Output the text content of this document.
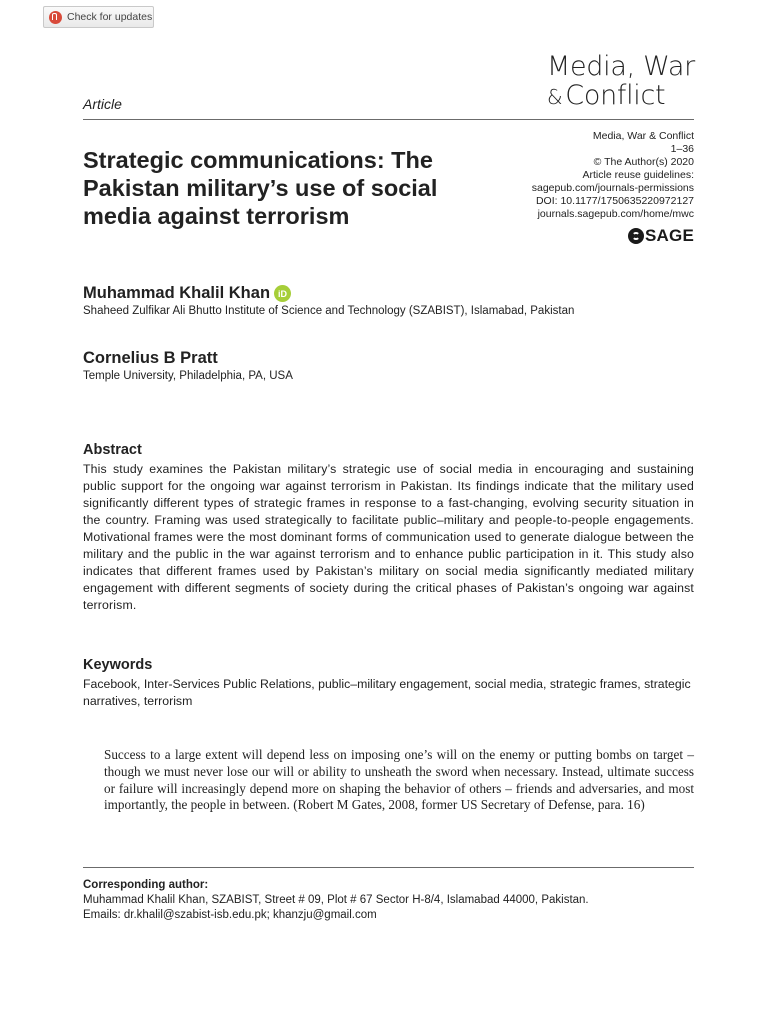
Check for updates
Media, War
& Conflict
Article
Media, War & Conflict
1–36
© The Author(s) 2020
Article reuse guidelines:
sagepub.com/journals-permissions
DOI: 10.1177/1750635220972127
journals.sagepub.com/home/mwc
SAGE
Strategic communications: The Pakistan military’s use of social media against terrorism
Muhammad Khalil Khan iD
Shaheed Zulfikar Ali Bhutto Institute of Science and Technology (SZABIST), Islamabad, Pakistan
Cornelius B Pratt
Temple University, Philadelphia, PA, USA
Abstract

This study examines the Pakistan military’s strategic use of social media in encouraging and sustaining public support for the ongoing war against terrorism in Pakistan. Its findings indicate that the military used significantly different types of strategic frames in response to a fast-changing, evolving security situation in the country. Framing was used strategically to facilitate public–military and people-to-people engagements. Motivational frames were the most dominant forms of communication used to generate dialogue between the military and the public in the war against terrorism and to enhance public participation in it. This study also indicates that different frames used by Pakistan’s military on social media significantly mediated military engagement with different segments of society during the critical phases of Pakistan’s ongoing war against terrorism.

Keywords

Facebook, Inter-Services Public Relations, public–military engagement, social media, strategic frames, strategic narratives, terrorism

Success to a large extent will depend less on imposing one’s will on the enemy or putting bombs on target – though we must never lose our will or ability to unsheath the sword when necessary. Instead, ultimate success or failure will increasingly depend more on shaping the behavior of others – friends and adversaries, and most importantly, the people in between. (Robert M Gates, 2008, former US Secretary of Defense, para. 16)

Corresponding author:
Muhammad Khalil Khan, SZABIST, Street # 09, Plot # 67 Sector H-8/4, Islamabad 44000, Pakistan.
Emails: dr.khalil@szabist-isb.edu.pk; khanzju@gmail.com
